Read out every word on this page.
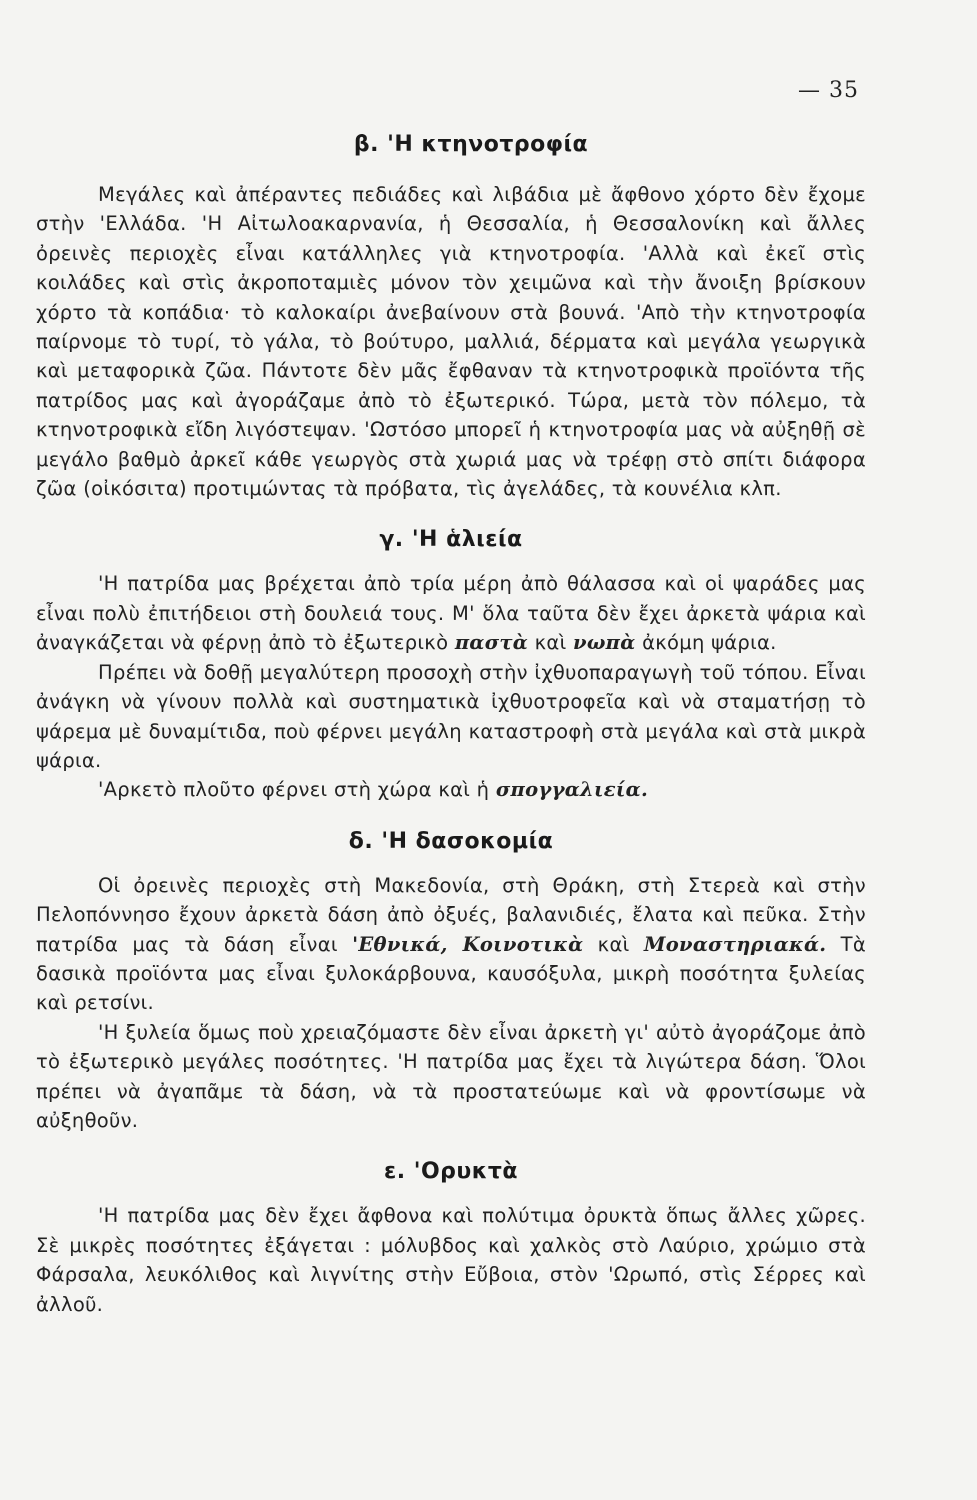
— 35
β. 'Η κτηνοτροφία

Μεγάλες καὶ ἀπέραντες πεδιάδες καὶ λιβάδια μὲ ἄφθονο χόρτο δὲν ἔχομε στὴν 'Ελλάδα. 'Η Αἰτωλοακαρνανία, ἡ Θεσσαλία, ἡ Θεσσαλονίκη καὶ ἄλλες ὀρεινὲς περιοχὲς εἶναι κατάλληλες γιὰ κτηνοτροφία. 'Αλλὰ καὶ ἐκεῖ στὶς κοιλάδες καὶ στὶς ἀκροποταμιὲς μόνον τὸν χειμῶνα καὶ τὴν ἄνοιξη βρίσκουν χόρτο τὰ κοπάδια· τὸ καλοκαίρι ἀνεβαίνουν στὰ βουνά. 'Απὸ τὴν κτηνοτροφία παίρνομε τὸ τυρί, τὸ γάλα, τὸ βούτυρο, μαλλιά, δέρματα καὶ μεγάλα γεωργικὰ καὶ μεταφορικὰ ζῶα. Πάντοτε δὲν μᾶς ἔφθαναν τὰ κτηνοτροφικὰ προϊόντα τῆς πατρίδος μας καὶ ἀγοράζαμε ἀπὸ τὸ ἐξωτερικό. Τώρα, μετὰ τὸν πόλεμο, τὰ κτηνοτροφικὰ εἴδη λιγόστεψαν. 'Ωστόσο μπορεῖ ἡ κτηνοτροφία μας νὰ αὐξηθῇ σὲ μεγάλο βαθμὸ ἀρκεῖ κάθε γεωργὸς στὰ χωριά μας νὰ τρέφῃ στὸ σπίτι διάφορα ζῶα (οἰκόσιτα) προτιμώντας τὰ πρόβατα, τὶς ἀγελάδες, τὰ κουνέλια κλπ.

γ. 'Η ἁλιεία

'Η πατρίδα μας βρέχεται ἀπὸ τρία μέρη ἀπὸ θάλασσα καὶ οἱ ψαράδες μας εἶναι πολὺ ἐπιτήδειοι στὴ δουλειά τους. Μ' ὅλα ταῦτα δὲν ἔχει ἀρκετὰ ψάρια καὶ ἀναγκάζεται νὰ φέρνῃ ἀπὸ τὸ ἐξωτερικὸ παστὰ καὶ νωπὰ ἀκόμη ψάρια.

Πρέπει νὰ δοθῇ μεγαλύτερη προσοχὴ στὴν ἰχθυοπαραγωγὴ τοῦ τόπου. Εἶναι ἀνάγκη νὰ γίνουν πολλὰ καὶ συστηματικὰ ἰχθυοτροφεῖα καὶ νὰ σταματήσῃ τὸ ψάρεμα μὲ δυναμίτιδα, ποὺ φέρνει μεγάλη καταστροφὴ στὰ μεγάλα καὶ στὰ μικρὰ ψάρια.

'Αρκετὸ πλοῦτο φέρνει στὴ χώρα καὶ ἡ σπογγαλιεία.

δ. 'Η δασοκομία

Οἱ ὀρεινὲς περιοχὲς στὴ Μακεδονία, στὴ Θράκη, στὴ Στερεὰ καὶ στὴν Πελοπόννησο ἔχουν ἀρκετὰ δάση ἀπὸ ὀξυές, βαλανιδιές, ἔλατα καὶ πεῦκα. Στὴν πατρίδα μας τὰ δάση εἶναι 'Εθνικά, Κοινοτικὰ καὶ Μοναστηριακά. Τὰ δασικὰ προϊόντα μας εἶναι ξυλοκάρβουνα, καυσόξυλα, μικρὴ ποσότητα ξυλείας καὶ ρετσίνι.

'Η ξυλεία ὅμως ποὺ χρειαζόμαστε δὲν εἶναι ἀρκετὴ γι' αὐτὸ ἀγοράζομε ἀπὸ τὸ ἐξωτερικὸ μεγάλες ποσότητες. 'Η πατρίδα μας ἔχει τὰ λιγώτερα δάση. Ὅλοι πρέπει νὰ ἀγαπᾶμε τὰ δάση, νὰ τὰ προστατεύωμε καὶ νὰ φροντίσωμε νὰ αὐξηθοῦν.

ε. 'Ορυκτὰ

'Η πατρίδα μας δὲν ἔχει ἄφθονα καὶ πολύτιμα ὀρυκτὰ ὅπως ἄλλες χῶρες. Σὲ μικρὲς ποσότητες ἐξάγεται : μόλυβδος καὶ χαλκὸς στὸ Λαύριο, χρώμιο στὰ Φάρσαλα, λευκόλιθος καὶ λιγνίτης στὴν Εὔβοια, στὸν 'Ωρωπό, στὶς Σέρρες καὶ ἀλλοῦ.
